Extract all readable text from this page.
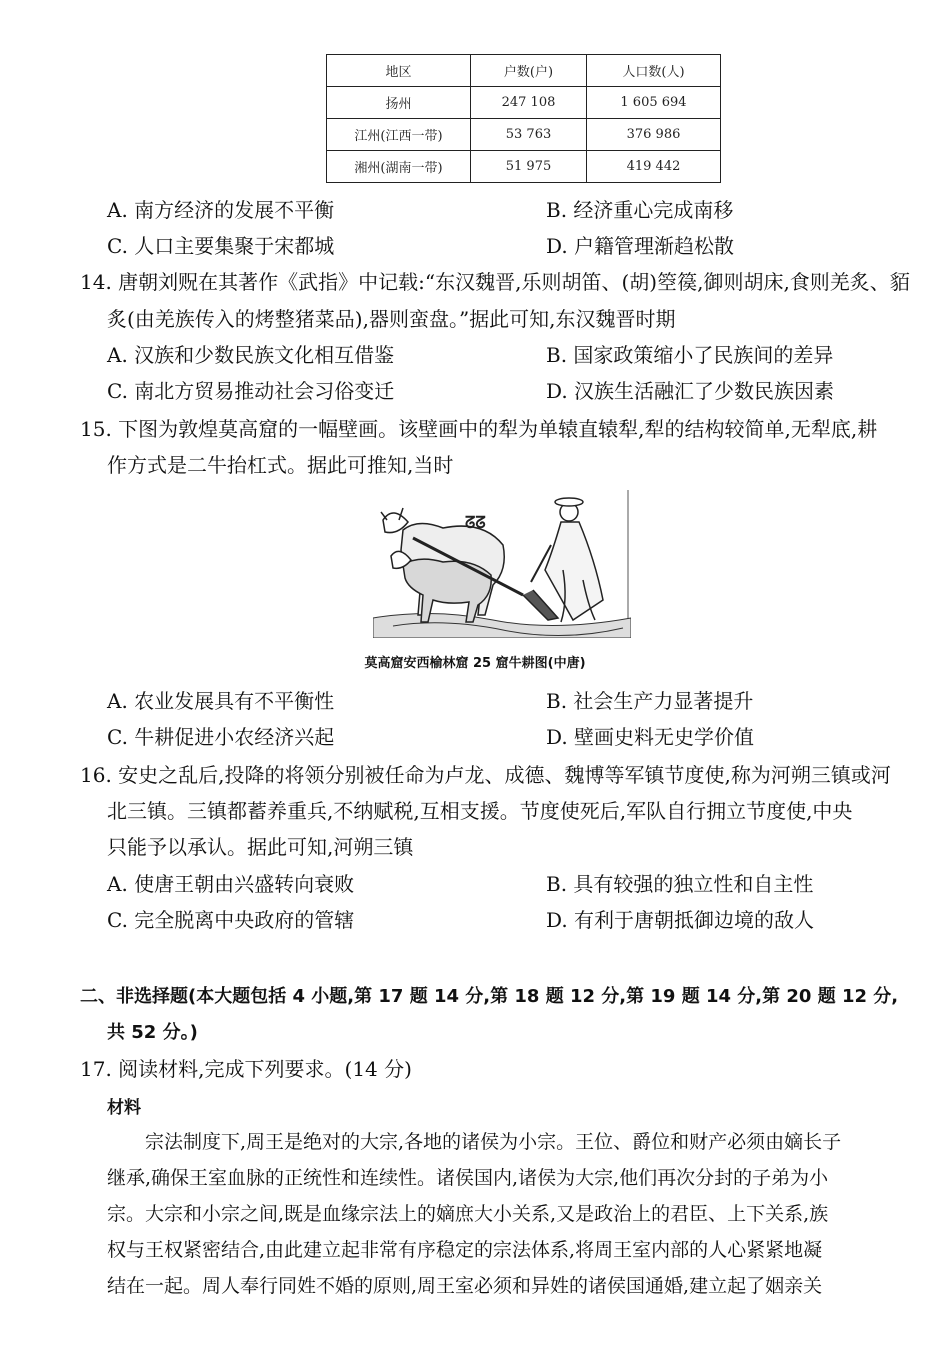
地区	户数(户)	人口数(人)
扬州	247 108	1 605 694
江州(江西一带)	53 763	376 986
湘州(湖南一带)	51 975	419 442
A. 南方经济的发展不平衡	B. 经济重心完成南移
C. 人口主要集聚于宋都城	D. 户籍管理渐趋松散
14. 唐朝刘贶在其著作《武指》中记载:“东汉魏晋,乐则胡笛、(胡)箜篌,御则胡床,食则羌炙、貊
炙(由羌族传入的烤整猪菜品),器则蛮盘。”据此可知,东汉魏晋时期
A. 汉族和少数民族文化相互借鉴	B. 国家政策缩小了民族间的差异
C. 南北方贸易推动社会习俗变迁	D. 汉族生活融汇了少数民族因素
15. 下图为敦煌莫高窟的一幅壁画。该壁画中的犁为单辕直辕犁,犁的结构较简单,无犁底,耕
作方式是二牛抬杠式。据此可推知,当时
ᘔᘔ
莫高窟安西榆林窟 25 窟牛耕图(中唐)
A. 农业发展具有不平衡性	B. 社会生产力显著提升
C. 牛耕促进小农经济兴起	D. 壁画史料无史学价值
16. 安史之乱后,投降的将领分别被任命为卢龙、成德、魏博等军镇节度使,称为河朔三镇或河
北三镇。三镇都蓄养重兵,不纳赋税,互相支援。节度使死后,军队自行拥立节度使,中央
只能予以承认。据此可知,河朔三镇
A. 使唐王朝由兴盛转向衰败	B. 具有较强的独立性和自主性
C. 完全脱离中央政府的管辖	D. 有利于唐朝抵御边境的敌人
二、非选择题(本大题包括 4 小题,第 17 题 14 分,第 18 题 12 分,第 19 题 14 分,第 20 题 12 分,
共 52 分。)
17. 阅读材料,完成下列要求。(14 分)
材料
宗法制度下,周王是绝对的大宗,各地的诸侯为小宗。王位、爵位和财产必须由嫡长子
继承,确保王室血脉的正统性和连续性。诸侯国内,诸侯为大宗,他们再次分封的子弟为小
宗。大宗和小宗之间,既是血缘宗法上的嫡庶大小关系,又是政治上的君臣、上下关系,族
权与王权紧密结合,由此建立起非常有序稳定的宗法体系,将周王室内部的人心紧紧地凝
结在一起。周人奉行同姓不婚的原则,周王室必须和异姓的诸侯国通婚,建立起了姻亲关
